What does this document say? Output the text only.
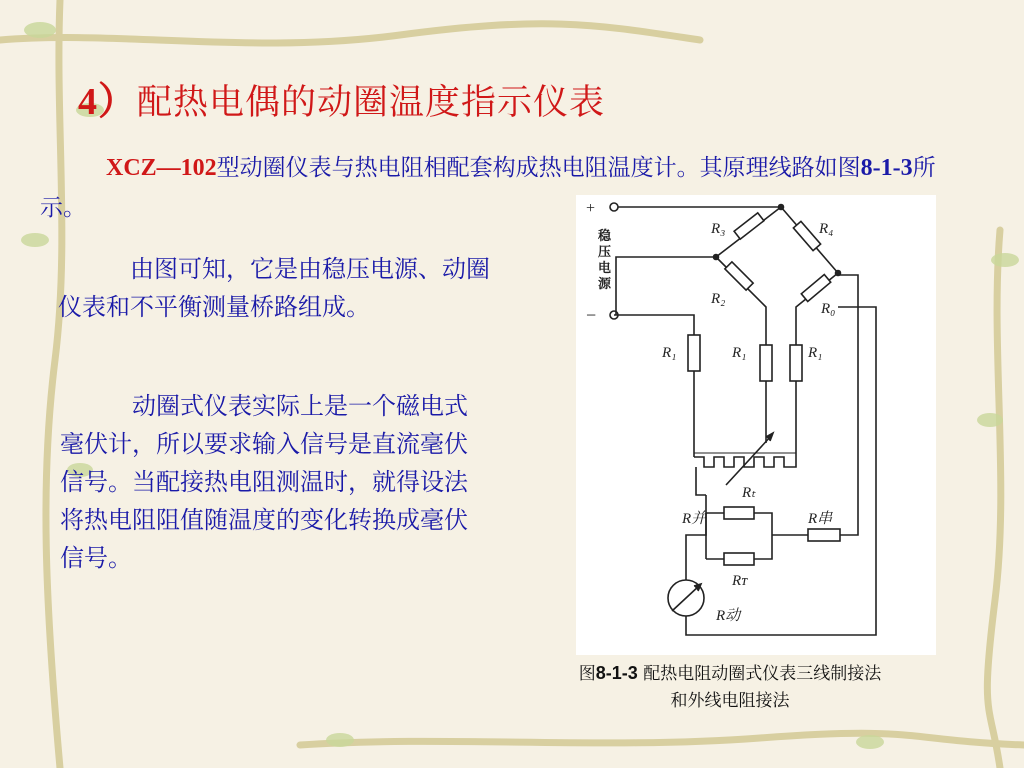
4）配热电偶的动圈温度指示仪表
XCZ—102型动圈仪表与热电阻相配套构成热电阻温度计。其原理线路如图8-1-3所示。
由图可知，它是由稳压电源、动圈仪表和不平衡测量桥路组成。
动圈式仪表实际上是一个磁电式毫伏计，所以要求输入信号是直流毫伏信号。当配接热电阻测温时，就得设法将热电阻阻值随温度的变化转换成毫伏信号。
+
−
稳
压
电
源
R₃	R₄
R₂
R₀
R₁	R₁	R₁
Rₜ
R并	R串
Rᴛ
R动
图8-1-3 配热电阻动圈式仪表三线制接法
和外线电阻接法
